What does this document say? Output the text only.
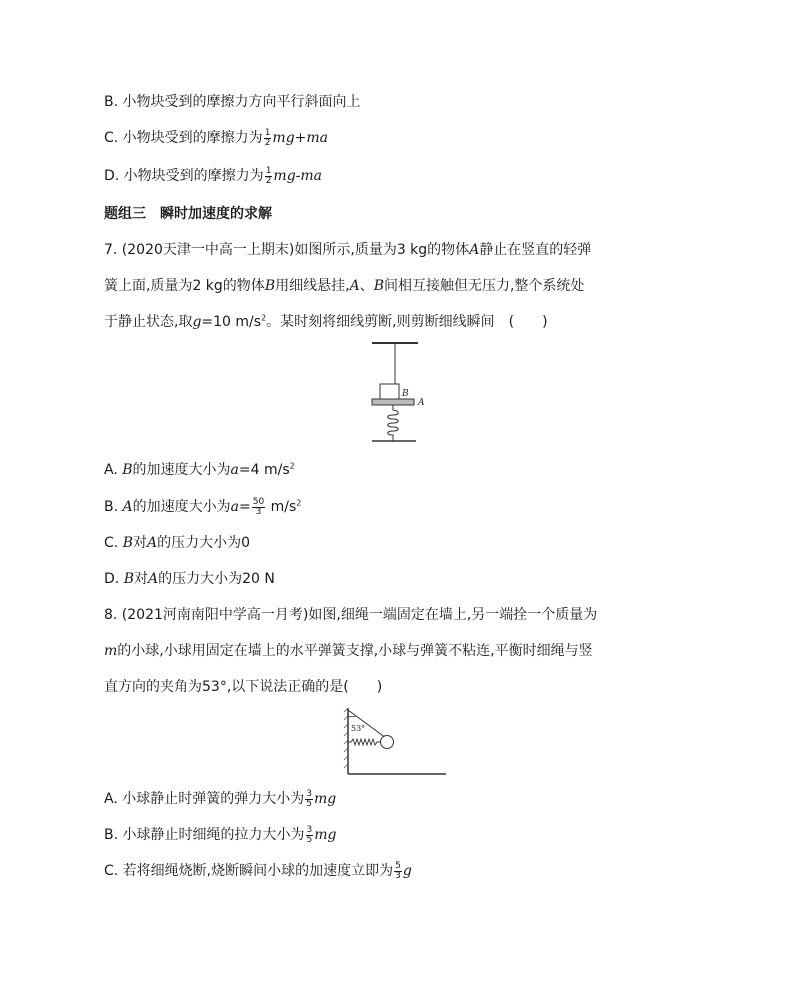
B. 小物块受到的摩擦力方向平行斜面向上
C. 小物块受到的摩擦力为 $\frac{1}{2} mg+ma$
D. 小物块受到的摩擦力为 $\frac{1}{2} mg-ma$
题组三　瞬时加速度的求解
7. (2020天津一中高一上期末)如图所示,质量为3 kg的物体A静止在竖直的轻弹
簧上面,质量为2 kg的物体B用细线悬挂,A、B间相互接触但无压力,整个系统处
于静止状态,取g=10 $m/s^2$。某时刻将细线剪断,则剪断细线瞬间　(　　)
B
A
A. B的加速度大小为a=4 $m/s^2$
B. A的加速度大小为$a= \frac{50}{3} m/s^2$
C. B对A的压力大小为0
D. B对A的压力大小为20 N
8. (2021河南南阳中学高一月考)如图,细绳一端固定在墙上,另一端拴一个质量为
m的小球,小球用固定在墙上的水平弹簧支撑,小球与弹簧不粘连,平衡时细绳与竖
直方向的夹角为53°,以下说法正确的是(　　)
53°
A. 小球静止时弹簧的弹力大小为 $\frac{3}{5}$ mg
B. 小球静止时细绳的拉力大小为 $\frac{3}{5}$ mg
C. 若将细绳烧断,烧断瞬间小球的加速度立即为 $\frac{5}{3}$ g
